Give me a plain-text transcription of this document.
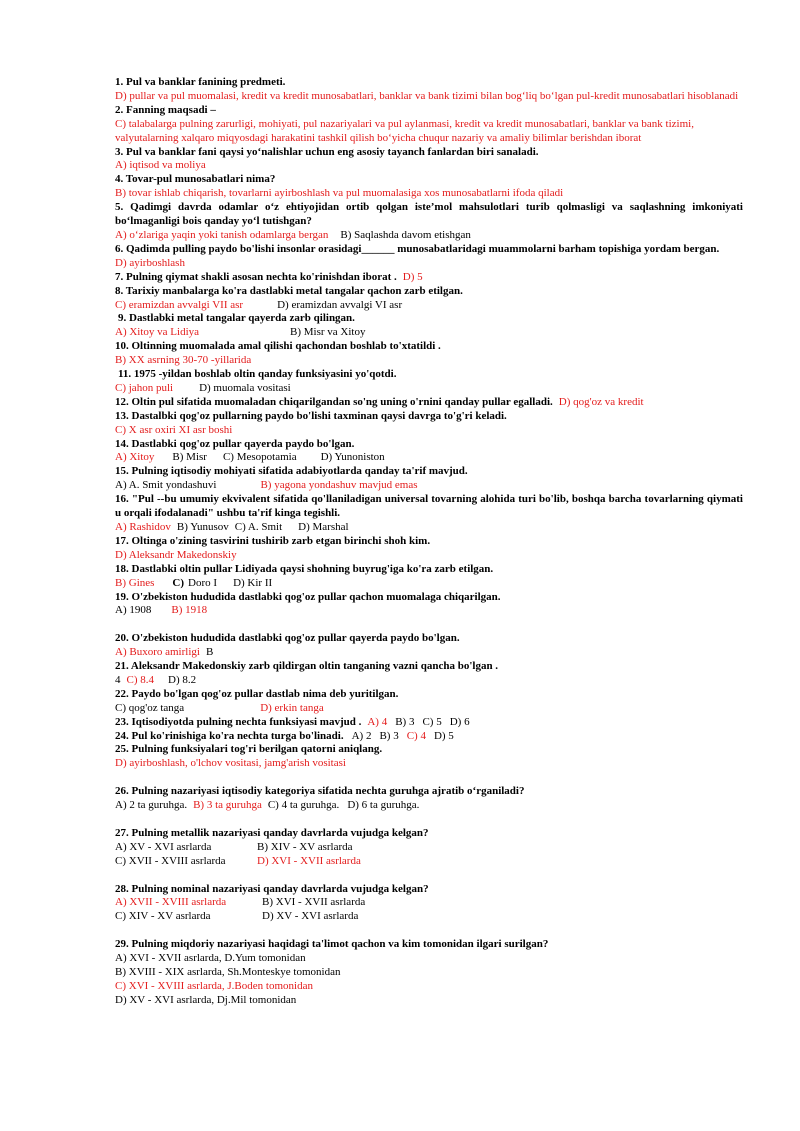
1. Pul va banklar fanining predmeti.
D) pullar va pul muomalasi, kredit va kredit munosabatlari, banklar va bank tizimi bilan bogʻliq boʻlgan pul-kredit munosabatlari hisoblanadi
2. Fanning maqsadi –
C) talabalarga pulning zarurligi, mohiyati, pul nazariyalari va pul aylanmasi, kredit va kredit munosabatlari, banklar va bank tizimi, valyutalarning xalqaro miqyosdagi harakatini tashkil qilish boʻyicha chuqur nazariy va amaliy bilimlar berishdan iborat
3. Pul va banklar fani qaysi yoʻnalishlar uchun eng asosiy tayanch fanlardan biri sanaladi.
A) iqtisod va moliya
4. Tovar-pul munosabatlari nima?
B) tovar ishlab chiqarish, tovarlarni ayirboshlash va pul muomalasiga xos munosabatlarni ifoda qiladi
5. Qadimgi davrda odamlar oʻz ehtiyojidan ortib qolgan isteʼmol mahsulotlari turib qolmasligi va saqlashning imkoniyati boʻlmaganligi bois qanday yoʻl tutishgan?
A) oʻzlariga yaqin yoki tanish odamlarga bergan B) Saqlashda davom etishgan
6. Qadimda pulling paydo bo'lishi insonlar orasidagi______ munosabatlaridagi muammolarni barham topishiga yordam bergan.
D) ayirboshlash
7. Pulning qiymat shakli asosan nechta ko'rinishdan iborat . D) 5
8. Tarixiy manbalarga ko'ra dastlabki metal tangalar qachon zarb etilgan.
C) eramizdan avvalgi VII asr	D) eramizdan avvalgi VI asr
9. Dastlabki metal tangalar qayerda zarb qilingan.
A) Xitoy va Lidiya	B) Misr va Xitoy
10. Oltinning muomalada amal qilishi qachondan boshlab to'xtatildi .
B) XX asrning 30-70 -yillarida
11. 1975 -yildan boshlab oltin qanday funksiyasini yo'qotdi.
C) jahon puli D) muomala vositasi
12. Oltin pul sifatida muomaladan chiqarilgandan so'ng uning o'rnini qanday pullar egalladi. D) qog'oz va kredit
13. Dastalbki qog'oz pullarning paydo bo'lishi taxminan qaysi davrga to'g'ri keladi.
C) X asr oxiri XI asr boshi
14. Dastlabki qog'oz pullar qayerda paydo bo'lgan.
A) Xitoy B) Misr C) Mesopotamia D) Yunoniston
15. Pulning iqtisodiy mohiyati sifatida adabiyotlarda qanday ta'rif mavjud.
A) A. Smit yondashuvi	B) yagona yondashuv mavjud emas
16. "Pul --bu umumiy ekvivalent sifatida qo'llaniladigan universal tovarning alohida turi bo'lib, boshqa barcha tovarlarning qiymati u orqali ifodalanadi" ushbu ta'rif kinga tegishli.
A) Rashidov B) Yunusov C) A. Smit D) Marshal
17. Oltinga o'zining tasvirini tushirib zarb etgan birinchi shoh kim.
D) Aleksandr Makedonskiy
18. Dastlabki oltin pullar Lidiyada qaysi shohning buyrug'iga ko'ra zarb etilgan.
B) Gines C) Doro I D) Kir II
19. O'zbekiston hududida dastlabki qog'oz pullar qachon muomalaga chiqarilgan.
A) 1908 B) 1918
20. O'zbekiston hududida dastlabki qog'oz pullar qayerda paydo bo'lgan.
A) Buxoro amirligi B
21. Aleksandr Makedonskiy zarb qildirgan oltin tanganing vazni qancha bo'lgan .
4 C) 8.4 D) 8.2
22. Paydo bo'lgan qog'oz pullar dastlab nima deb yuritilgan.
C) qog'oz tanga	D) erkin tanga
23. Iqtisodiyotda pulning nechta funksiyasi mavjud . A) 4 B) 3 C) 5 D) 6
24. Pul ko'rinishiga ko'ra nechta turga bo'linadi. A) 2 B) 3 C) 4 D) 5
25. Pulning funksiyalari tog'ri berilgan qatorni aniqlang.
D) ayirboshlash, o'lchov vositasi, jamg'arish vositasi
26. Pulning nazariyasi iqtisodiy kategoriya sifatida nechta guruhga ajratib oʻrganiladi?
A) 2 ta guruhga. B) 3 ta guruhga C) 4 ta guruhga. D) 6 ta guruhga.
27. Pulning metallik nazariyasi qanday davrlarda vujudga kelgan?
A) XV - XVI asrlarda	B) XIV - XV asrlarda
C) XVII - XVIII asrlarda	D) XVI - XVII asrlarda
28. Pulning nominal nazariyasi qanday davrlarda vujudga kelgan?
A) XVII - XVIII asrlarda	B) XVI - XVII asrlarda
C) XIV - XV asrlarda	D) XV - XVI asrlarda
29. Pulning miqdoriy nazariyasi haqidagi ta'limot qachon va kim tomonidan ilgari surilgan?
A) XVI - XVII asrlarda, D.Yum tomonidan
B) XVIII - XIX asrlarda, Sh.Monteskye tomonidan
C) XVI - XVIII asrlarda, J.Boden tomonidan
D) XV - XVI asrlarda, Dj.Mil tomonidan
